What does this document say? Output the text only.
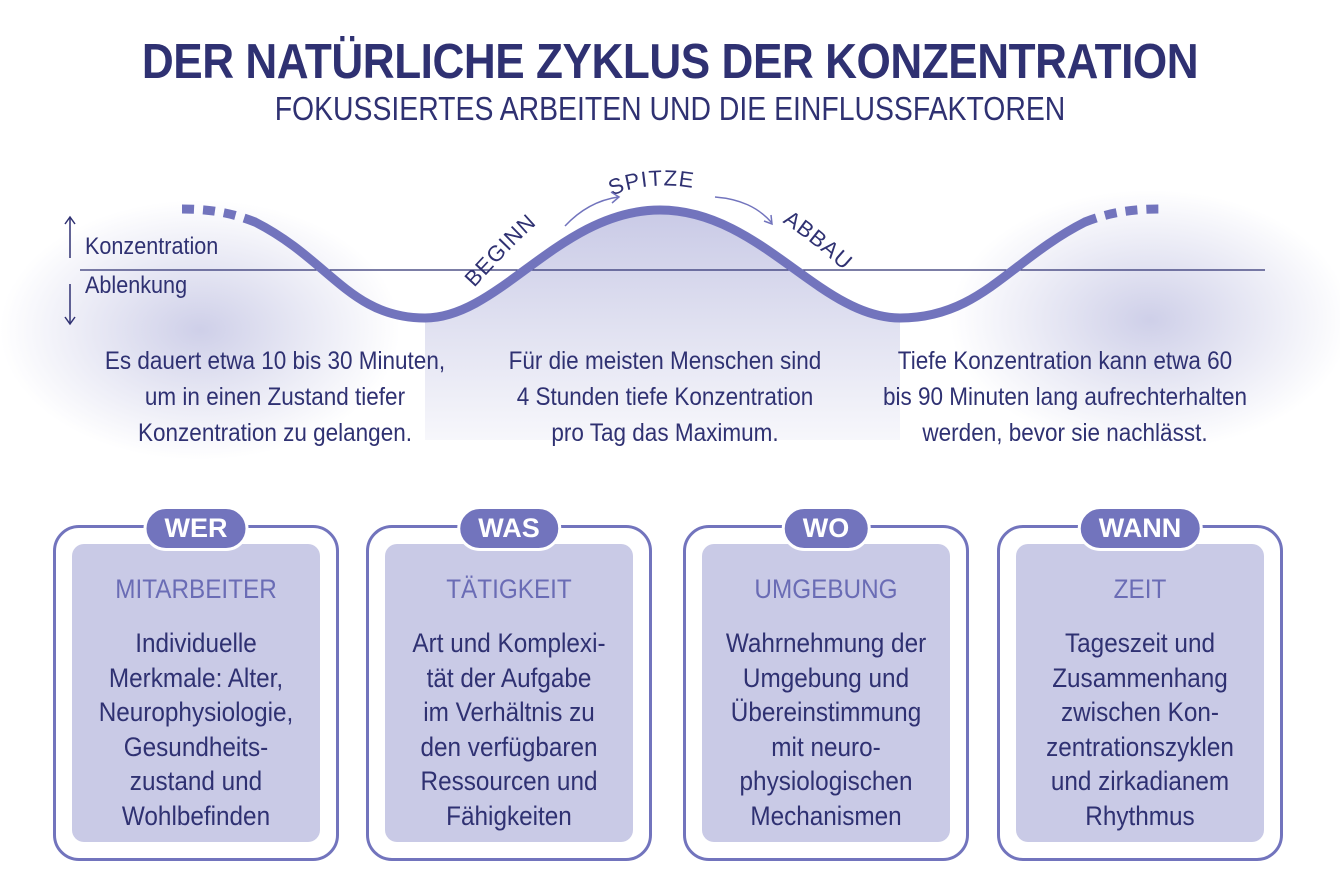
DER NATÜRLICHE ZYKLUS DER KONZENTRATION
FOKUSSIERTES ARBEITEN UND DIE EINFLUSSFAKTOREN
BEGINN
SPITZE
ABBAU
Konzentration
Ablenkung
Es dauert etwa 10 bis 30 Minuten,
um in einen Zustand tiefer
Konzentration zu gelangen.
Für die meisten Menschen sind
4 Stunden tiefe Konzentration
pro Tag das Maximum.
Tiefe Konzentration kann etwa 60
bis 90 Minuten lang aufrechterhalten
werden, bevor sie nachlässt.
MITARBEITER
Individuelle
Merkmale: Alter,
Neurophysiologie,
Gesundheits-
zustand und
Wohlbefinden
WER
TÄTIGKEIT
Art und Komplexi-
tät der Aufgabe
im Verhältnis zu
den verfügbaren
Ressourcen und
Fähigkeiten
WAS
UMGEBUNG
Wahrnehmung der
Umgebung und
Übereinstimmung
mit neuro-
physiologischen
Mechanismen
WO
ZEIT
Tageszeit und
Zusammenhang
zwischen Kon-
zentrationszyklen
und zirkadianem
Rhythmus
WANN
